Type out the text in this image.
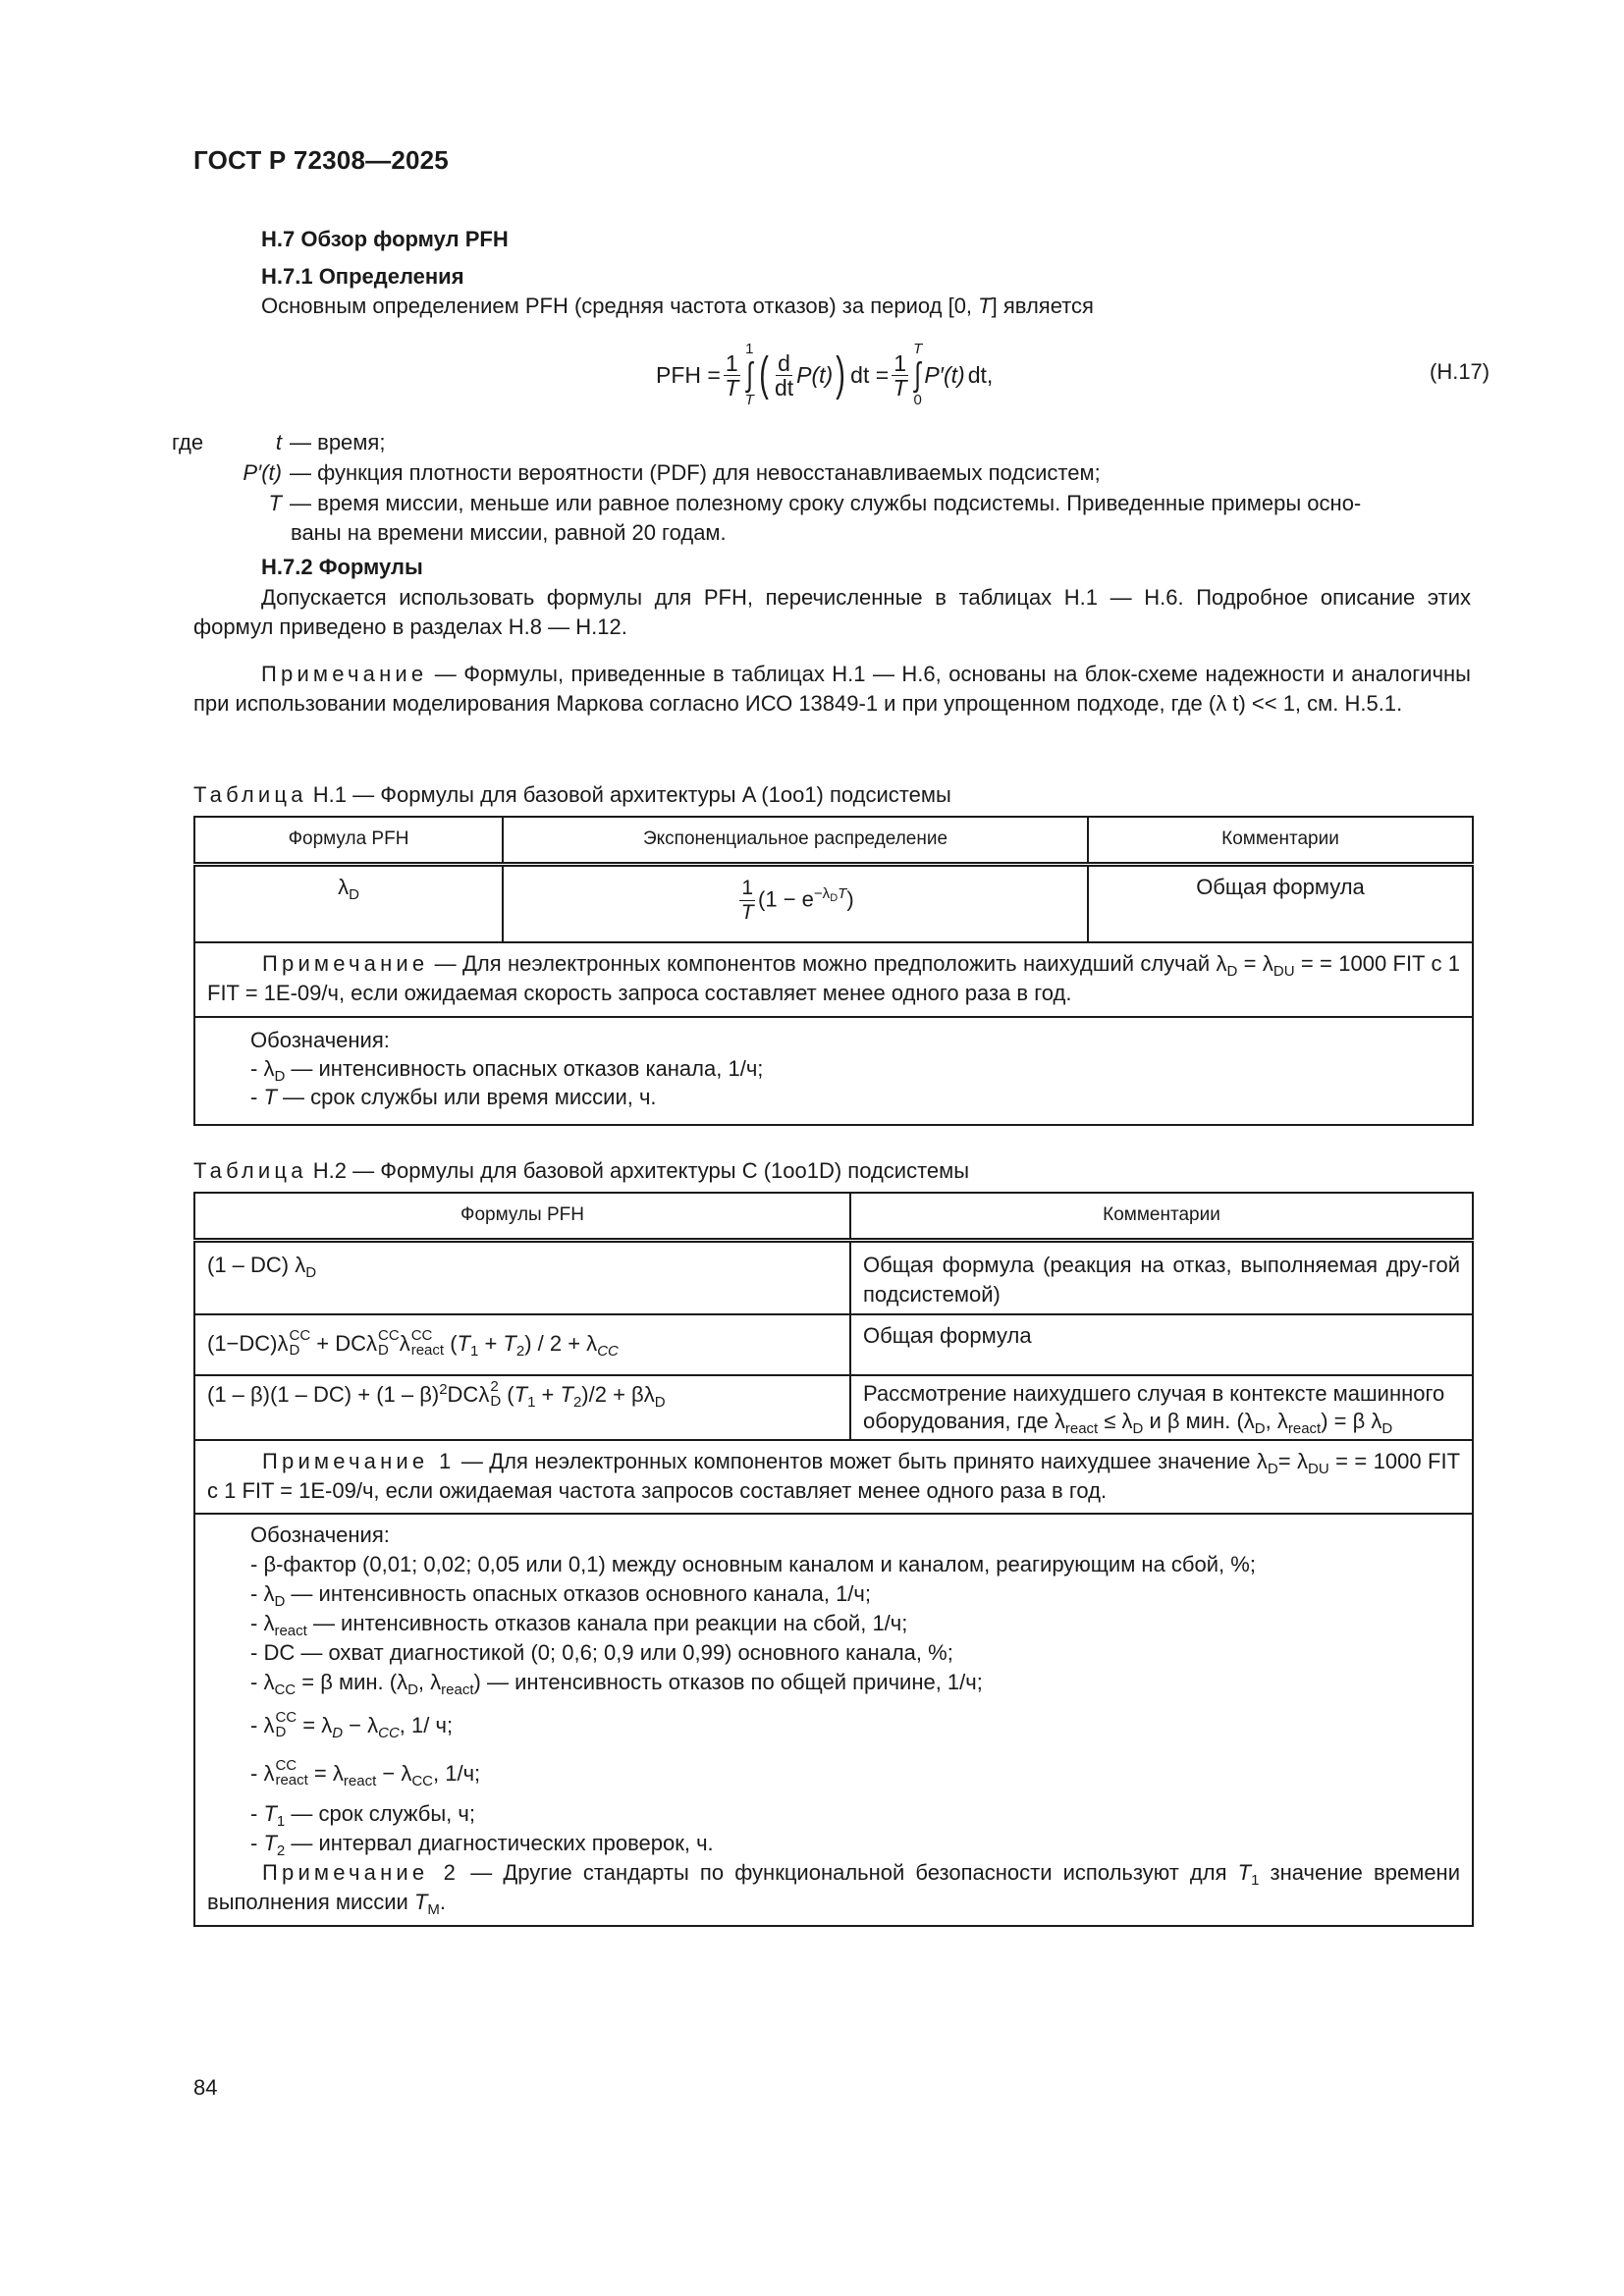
ГОСТ Р 72308—2025
H.7 Обзор формул PFH
H.7.1 Определения
Основным определением PFH (средняя частота отказов) за период [0, T] является
PFH = $\frac{1}{T}$
1
∫
T ( $\frac{d}{dt} P(t)$ ) dt = $\frac{1}{T}$
T
∫
0
P′(t) dt,	(H.17)
где	t — время;
P′(t) — функция плотности вероятности (PDF) для невосстанавливаемых подсистем;
T — время миссии, меньше или равное полезному сроку службы подсистемы. Приведенные примеры осно-
ваны на времени миссии, равной 20 годам.
H.7.2 Формулы
Допускается использовать формулы для PFH, перечисленные в таблицах H.1 — H.6. Подробное описание этих формул приведено в разделах H.8 — H.12.
Примечание — Формулы, приведенные в таблицах H.1 — H.6, основаны на блок-схеме надежности и аналогичны при использовании моделирования Маркова согласно ИСО 13849-1 и при упрощенном подходе, где (λ t) << 1, см. H.5.1.
Таблица H.1 — Формулы для базовой архитектуры A (1oo1) подсистемы
Формула PFH	Экспоненциальное распределение	Комментарии
$\lambda_D$	$\frac{1}{T} (1 - e^{-\lambda_DT})$	Общая формула

Примечание — Для неэлектронных компонентов можно предположить наихудший случай $\lambda_D = \lambda_{DU}$ = = 1000 FIT с 1 FIT = 1E-09/ч, если ожидаемая скорость запроса составляет менее одного раза в год.		

Обозначения:
- $\lambda_D$ — интенсивность опасных отказов канала, 1/ч;
- T — срок службы или время миссии, ч.		
Таблица H.2 — Формулы для базовой архитектуры C (1oo1D) подсистемы
Формулы PFH	Комментарии
(1 – DC) $\lambda_D$	Общая формула (реакция на отказ, выполняемая дру-гой подсистемой)
(1−DC)λ CC
D + DCλ CC
D λ CC
react $(T_1 + T_2) / 2 + \lambda_{CC}$	Общая формула
(1 – β)(1 – DC) + (1 – β)$^2$DCλ 2
D $(T_1 + T_2)/2 + \beta\lambda_D$	Рассмотрение наихудшего случая в контексте машинного оборудования, где $\lambda_{react} \le \lambda_D$ и β мин. ($\lambda_D$, $\lambda_{react}) = \beta$ $\lambda_D$

Примечание 1 — Для неэлектронных компонентов может быть принято наихудшее значение $\lambda_D= \lambda_{DU}$ = = 1000 FIT с 1 FIT = 1E-09/ч, если ожидаемая частота запросов составляет менее одного раза в год.	

Обозначения:
- β-фактор (0,01; 0,02; 0,05 или 0,1) между основным каналом и каналом, реагирующим на сбой, %;
- $\lambda_D$ — интенсивность опасных отказов основного канала, 1/ч;
- $\lambda_{react}$ — интенсивность отказов канала при реакции на сбой, 1/ч;
- DC — охват диагностикой (0; 0,6; 0,9 или 0,99) основного канала, %;
- $\lambda_{CC} = \beta$ мин. ($\lambda_D$, $\lambda_{react}$) — интенсивность отказов по общей причине, 1/ч;
- λ CC
$D = \lambda_D - \lambda_{CC}$, 1/ ч;
- λ CC
react = $\lambda_{react} - \lambda_{CC}$, 1/ч;
- $T_1$ — срок службы, ч;
- $T_2$ — интервал диагностических проверок, ч.
Примечание 2 — Другие стандарты по функциональной безопасности используют для $T_1$ значение времени выполнения миссии $T_M$.
84
